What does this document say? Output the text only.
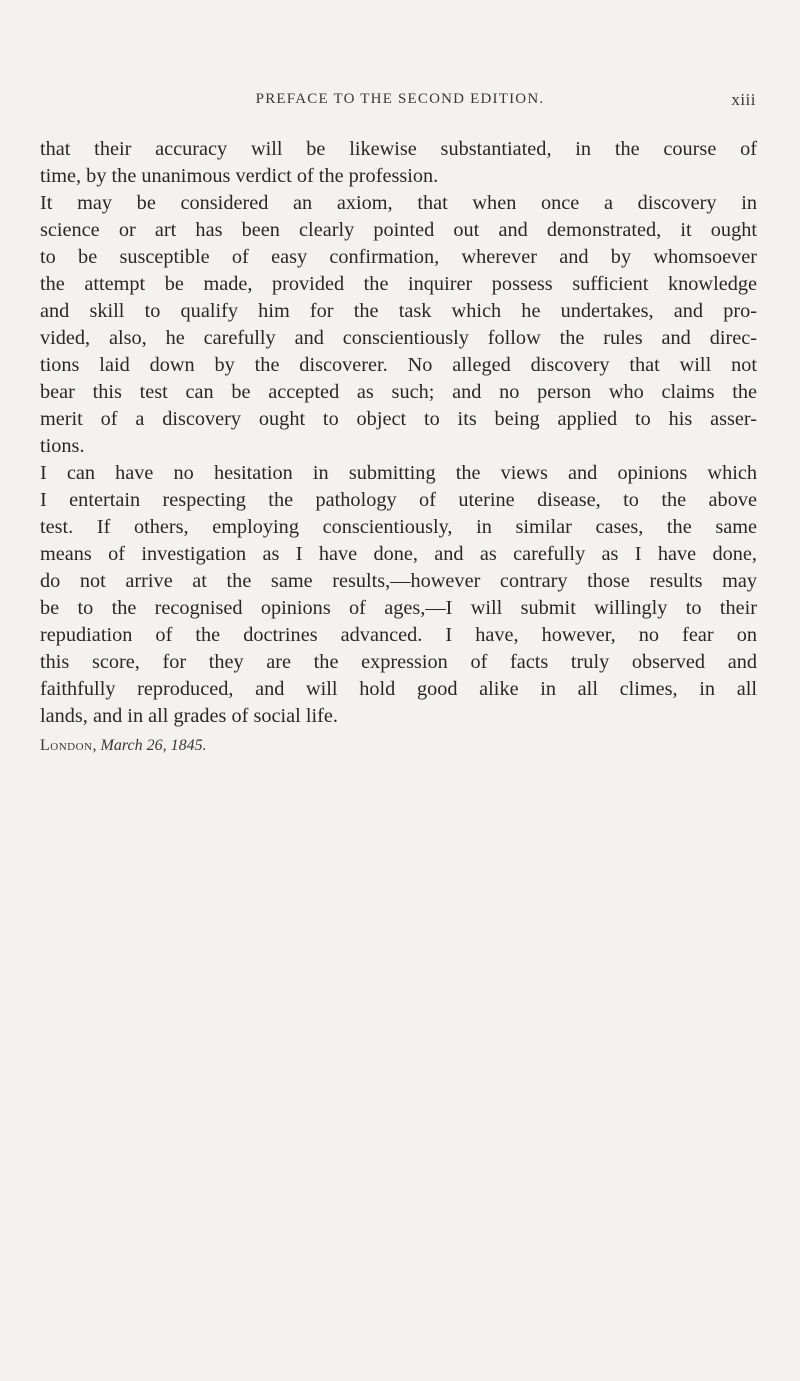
PREFACE TO THE SECOND EDITION.	xiii
that their accuracy will be likewise substantiated, in the course of
time, by the unanimous verdict of the profession.
It may be considered an axiom, that when once a discovery in
science or art has been clearly pointed out and demonstrated, it ought
to be susceptible of easy confirmation, wherever and by whomsoever
the attempt be made, provided the inquirer possess sufficient knowledge
and skill to qualify him for the task which he undertakes, and pro-
vided, also, he carefully and conscientiously follow the rules and direc-
tions laid down by the discoverer. No alleged discovery that will not
bear this test can be accepted as such; and no person who claims the
merit of a discovery ought to object to its being applied to his asser-
tions.
I can have no hesitation in submitting the views and opinions which
I entertain respecting the pathology of uterine disease, to the above
test. If others, employing conscientiously, in similar cases, the same
means of investigation as I have done, and as carefully as I have done,
do not arrive at the same results,—however contrary those results may
be to the recognised opinions of ages,—I will submit willingly to their
repudiation of the doctrines advanced. I have, however, no fear on
this score, for they are the expression of facts truly observed and
faithfully reproduced, and will hold good alike in all climes, in all
lands, and in all grades of social life.
London, March 26, 1845.
